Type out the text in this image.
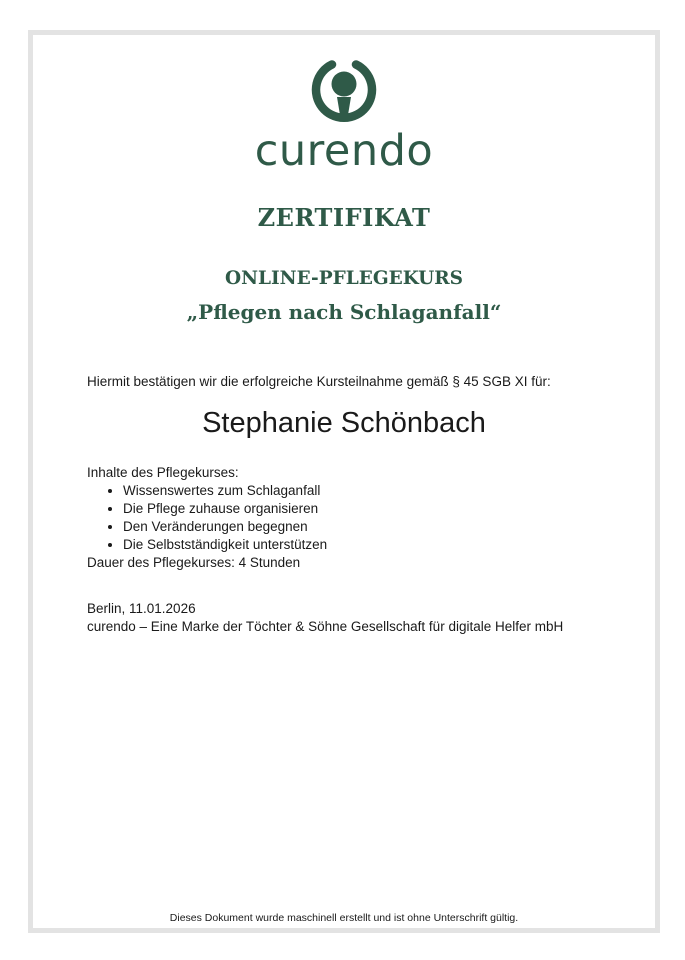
curendo
ZERTIFIKAT
ONLINE-PFLEGEKURS
„Pflegen nach Schlaganfall“
Hiermit bestätigen wir die erfolgreiche Kursteilnahme gemäß § 45 SGB XI für:
Stephanie Schönbach
Inhalte des Pflegekurses:
• Wissenswertes zum Schlaganfall
• Die Pflege zuhause organisieren
• Den Veränderungen begegnen
• Die Selbstständigkeit unterstützen
Dauer des Pflegekurses: 4 Stunden
Berlin, 11.01.2026
curendo – Eine Marke der Töchter & Söhne Gesellschaft für digitale Helfer mbH
Dieses Dokument wurde maschinell erstellt und ist ohne Unterschrift gültig.
